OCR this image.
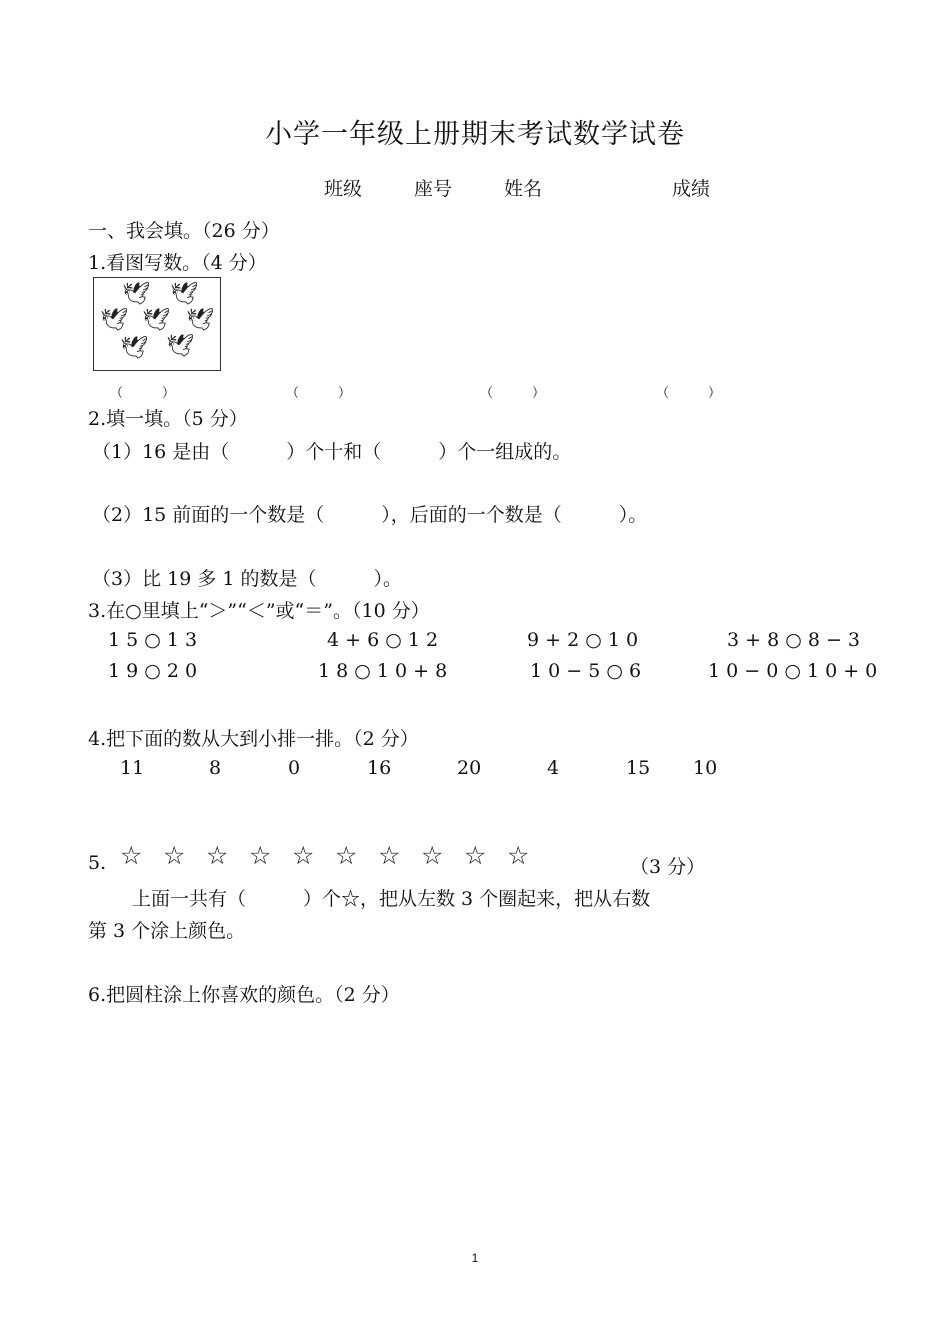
小学一年级上册期末考试数学试卷
班级	座号	姓名	成绩
一、我会填。（26 分）
1.看图写数。（4 分）
🕊 🕊
🕊 🕊 🕊
🕊 🕊
（　　　）	（　　　）	（　　　）	（　　　）
2.填一填。（5 分）
（1）16 是由（　　　）个十和（　　　）个一组成的。
（2）15 前面的一个数是（　　　），后面的一个数是（　　　）。
（3）比 19 多 1 的数是（　　　）。
3.在○里填上“＞”“＜”或“＝”。（10 分）
1 5 ○ 1 3	4 + 6 ○ 1 2	9 + 2 ○ 1 0	3 + 8 ○ 8 − 3
1 9 ○ 2 0	1 8 ○ 1 0 + 8	1 0 − 5 ○ 6	1 0 − 0 ○ 1 0 + 0
4.把下面的数从大到小排一排。（2 分）
11	8	0	16	20	4	15 10
5. ☆ ☆ ☆ ☆ ☆ ☆ ☆ ☆ ☆ ☆	（3 分）
上面一共有（　　　）个☆，把从左数 3 个圈起来，把从右数
第 3 个涂上颜色。
6.把圆柱涂上你喜欢的颜色。（2 分）
1
